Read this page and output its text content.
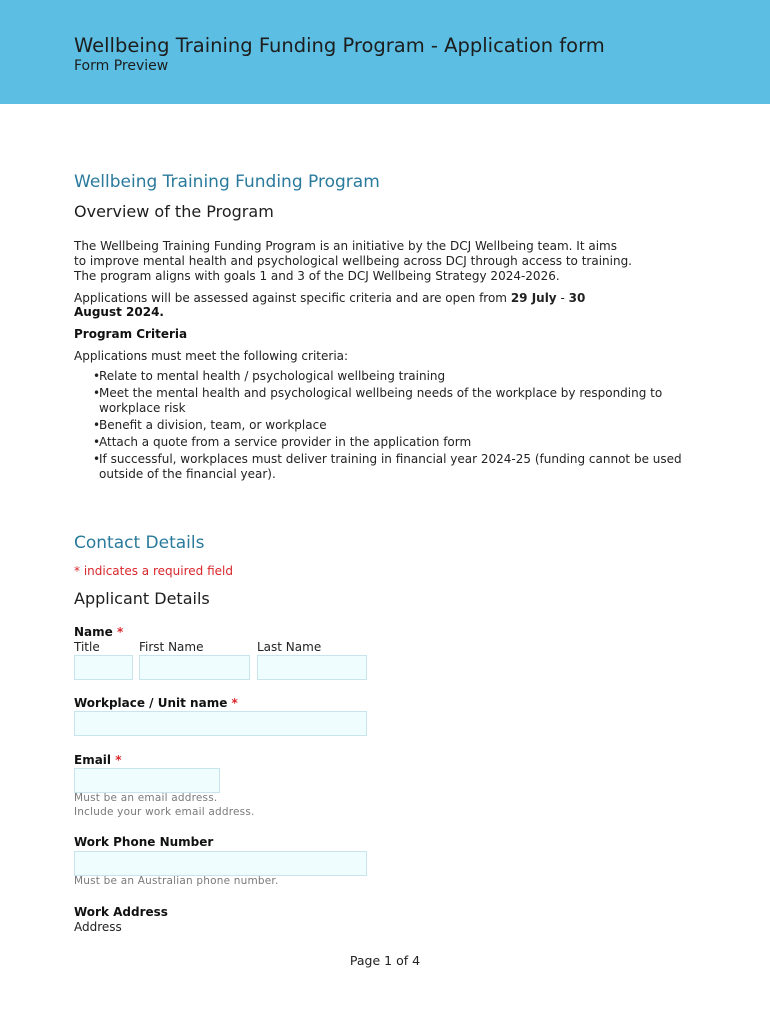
Wellbeing Training Funding Program - Application form
Form Preview
Wellbeing Training Funding Program
Overview of the Program
The Wellbeing Training Funding Program is an initiative by the DCJ Wellbeing team. It aims
to improve mental health and psychological wellbeing across DCJ through access to training.
The program aligns with goals 1 and 3 of the DCJ Wellbeing Strategy 2024-2026.
Applications will be assessed against specific criteria and are open from 29 July - 30
August 2024.
Program Criteria
Applications must meet the following criteria:
•
Relate to mental health / psychological wellbeing training
•
Meet the mental health and psychological wellbeing needs of the workplace by responding to workplace risk
•
Benefit a division, team, or workplace
•
Attach a quote from a service provider in the application form
•
If successful, workplaces must deliver training in financial year 2024-25 (funding cannot be used outside of the financial year).
Contact Details
* indicates a required field
Applicant Details
Name *
Title	First Name	Last Name
Workplace / Unit name *
Email *
Must be an email address.
Include your work email address.
Work Phone Number
Must be an Australian phone number.
Work Address
Address
Page 1 of 4
